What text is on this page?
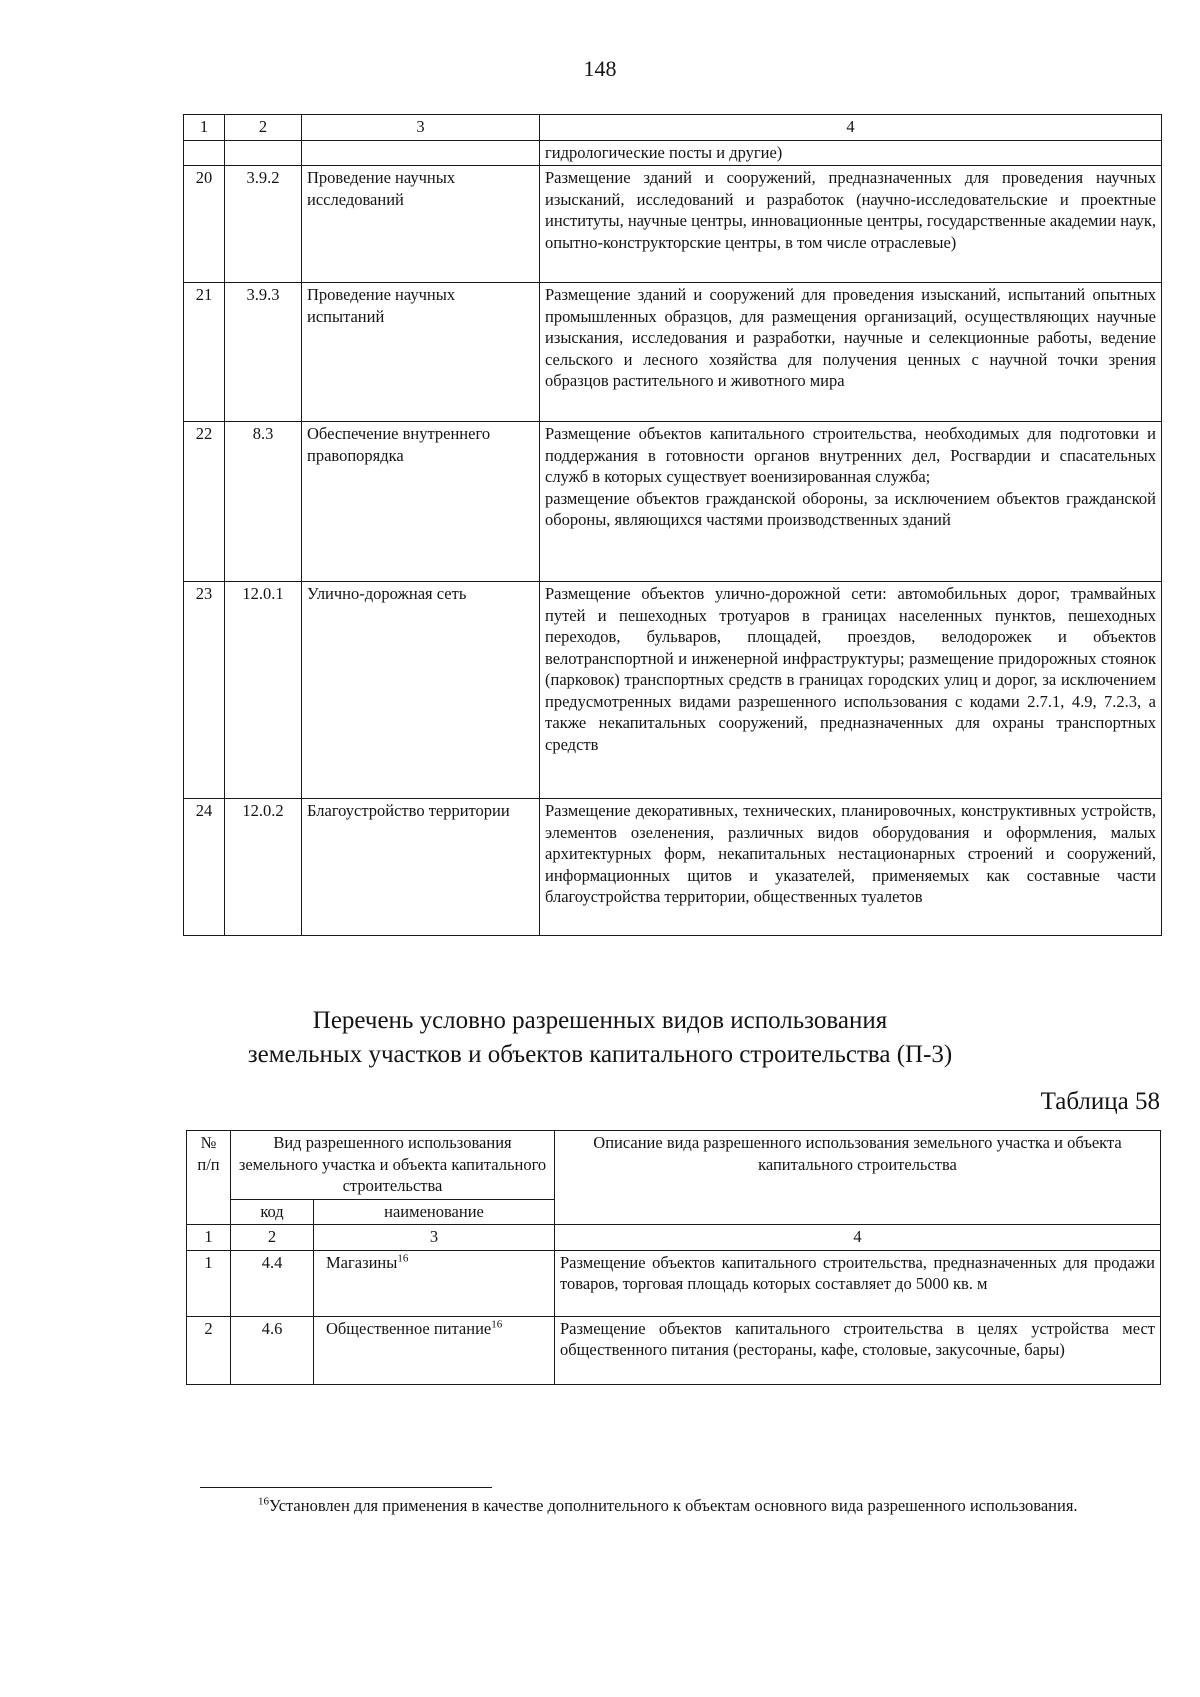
148
1	2	3	4
			гидрологические посты и другие)
20	3.9.2	Проведение научных исследований	Размещение зданий и сооружений, предназначенных для проведения научных изысканий, исследований и разработок (научно-исследовательские и проектные институты, научные центры, инновационные центры, государственные академии наук, опытно-конструкторские центры, в том числе отраслевые)
21	3.9.3	Проведение научных испытаний	Размещение зданий и сооружений для проведения изысканий, испытаний опытных промышленных образцов, для размещения организаций, осуществляющих научные изыскания, исследования и разработки, научные и селекционные работы, ведение сельского и лесного хозяйства для получения ценных с научной точки зрения образцов растительного и животного мира
22	8.3	Обеспечение внутреннего правопорядка	Размещение объектов капитального строительства, необходимых для подготовки и поддержания в готовности органов внутренних дел, Росгвардии и спасательных служб в которых существует военизированная служба;
размещение объектов гражданской обороны, за исключением объектов гражданской обороны, являющихся частями производственных зданий

23	12.0.1	Улично-дорожная сеть	Размещение объектов улично-дорожной сети: автомобильных дорог, трамвайных путей и пешеходных тротуаров в границах населенных пунктов, пешеходных переходов, бульваров, площадей, проездов, велодорожек и объектов велотранспортной и инженерной инфраструктуры; размещение придорожных стоянок (парковок) транспортных средств в границах городских улиц и дорог, за исключением предусмотренных видами разрешенного использования с кодами 2.7.1, 4.9, 7.2.3, а также некапитальных сооружений, предназначенных для охраны транспортных средств
24	12.0.2	Благоустройство территории	Размещение декоративных, технических, планировочных, конструктивных устройств, элементов озеленения, различных видов оборудования и оформления, малых архитектурных форм, некапитальных нестационарных строений и сооружений, информационных щитов и указателей, применяемых как составные части благоустройства территории, общественных туалетов
Перечень условно разрешенных видов использования
земельных участков и объектов капитального строительства (П-3)
Таблица 58
№ п/п	Вид разрешенного использования земельного участка и объекта капитального строительства		Описание вида разрешенного использования земельного участка и объекта капитального строительства
	код	наименование	
1	2	3	4
1	4.4	Магазины$^{16}$	Размещение объектов капитального строительства, предназначенных для продажи товаров, торговая площадь которых составляет до 5000 кв. м
2	4.6	Общественное питание$^{16}$	Размещение объектов капитального строительства в целях устройства мест общественного питания (рестораны, кафе, столовые, закусочные, бары)
$^{16}$Установлен для применения в качестве дополнительного к объектам основного вида разрешенного использования.
